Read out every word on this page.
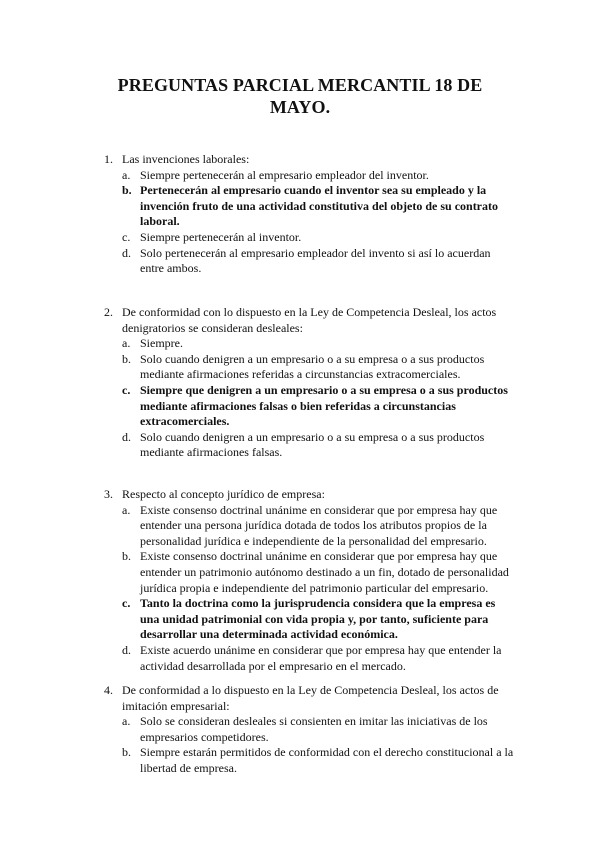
PREGUNTAS PARCIAL MERCANTIL 18 DE MAYO.
1. Las invenciones laborales:
a. Siempre pertenecerán al empresario empleador del inventor.
b. Pertenecerán al empresario cuando el inventor sea su empleado y la invención fruto de una actividad constitutiva del objeto de su contrato laboral.
c. Siempre pertenecerán al inventor.
d. Solo pertenecerán al empresario empleador del invento si así lo acuerdan entre ambos.
2. De conformidad con lo dispuesto en la Ley de Competencia Desleal, los actos denigratorios se consideran desleales:
a. Siempre.
b. Solo cuando denigren a un empresario o a su empresa o a sus productos mediante afirmaciones referidas a circunstancias extracomerciales.
c. Siempre que denigren a un empresario o a su empresa o a sus productos mediante afirmaciones falsas o bien referidas a circunstancias extracomerciales.
d. Solo cuando denigren a un empresario o a su empresa o a sus productos mediante afirmaciones falsas.
3. Respecto al concepto jurídico de empresa:
a. Existe consenso doctrinal unánime en considerar que por empresa hay que entender una persona jurídica dotada de todos los atributos propios de la personalidad jurídica e independiente de la personalidad del empresario.
b. Existe consenso doctrinal unánime en considerar que por empresa hay que entender un patrimonio autónomo destinado a un fin, dotado de personalidad jurídica propia e independiente del patrimonio particular del empresario.
c. Tanto la doctrina como la jurisprudencia considera que la empresa es una unidad patrimonial con vida propia y, por tanto, suficiente para desarrollar una determinada actividad económica.
d. Existe acuerdo unánime en considerar que por empresa hay que entender la actividad desarrollada por el empresario en el mercado.
4. De conformidad a lo dispuesto en la Ley de Competencia Desleal, los actos de imitación empresarial:
a. Solo se consideran desleales si consienten en imitar las iniciativas de los empresarios competidores.
b. Siempre estarán permitidos de conformidad con el derecho constitucional a la libertad de empresa.
